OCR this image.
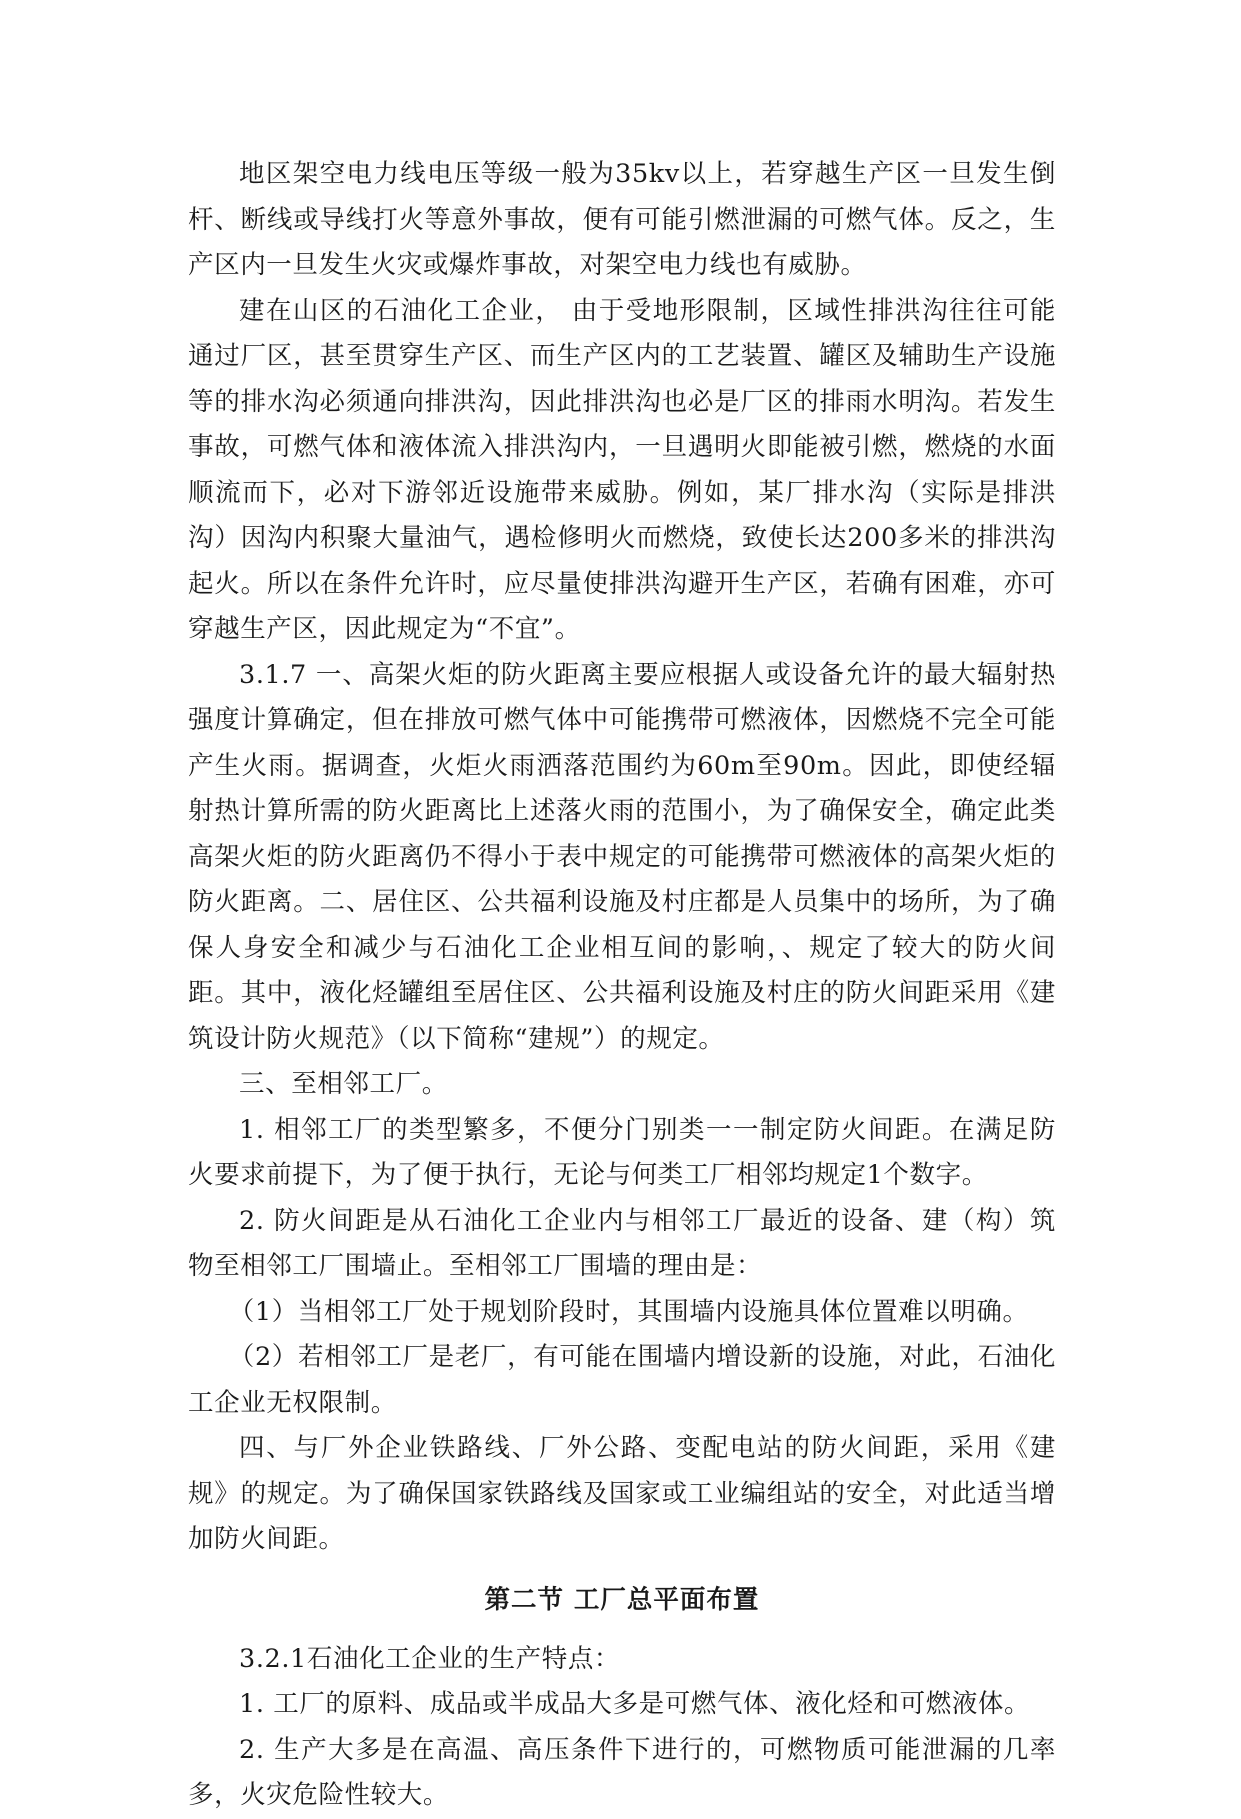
地区架空电力线电压等级一般为35kv以上，若穿越生产区一旦发生倒杆、断线或导线打火等意外事故，便有可能引燃泄漏的可燃气体。反之，生产区内一旦发生火灾或爆炸事故，对架空电力线也有威胁。

建在山区的石油化工企业， 由于受地形限制，区域性排洪沟往往可能通过厂区，甚至贯穿生产区、而生产区内的工艺装置、罐区及辅助生产设施等的排水沟必须通向排洪沟，因此排洪沟也必是厂区的排雨水明沟。若发生事故，可燃气体和液体流入排洪沟内，一旦遇明火即能被引燃，燃烧的水面顺流而下，必对下游邻近设施带来威胁。例如，某厂排水沟（实际是排洪沟）因沟内积聚大量油气，遇检修明火而燃烧，致使长达200多米的排洪沟起火。所以在条件允许时，应尽量使排洪沟避开生产区，若确有困难，亦可穿越生产区，因此规定为“不宜”。

3.1.7 一、高架火炬的防火距离主要应根据人或设备允许的最大辐射热强度计算确定，但在排放可燃气体中可能携带可燃液体，因燃烧不完全可能产生火雨。据调查，火炬火雨洒落范围约为60m至90m。因此，即使经辐射热计算所需的防火距离比上述落火雨的范围小，为了确保安全，确定此类高架火炬的防火距离仍不得小于表中规定的可能携带可燃液体的高架火炬的防火距离。二、居住区、公共福利设施及村庄都是人员集中的场所，为了确保人身安全和减少与石油化工企业相互间的影响，、规定了较大的防火间距。其中，液化烃罐组至居住区、公共福利设施及村庄的防火间距采用《建筑设计防火规范》（以下简称“建规”）的规定。

三、至相邻工厂。

1. 相邻工厂的类型繁多，不便分门别类一一制定防火间距。在满足防火要求前提下，为了便于执行，无论与何类工厂相邻均规定1个数字。

2. 防火间距是从石油化工企业内与相邻工厂最近的设备、建（构）筑物至相邻工厂围墙止。至相邻工厂围墙的理由是：

（1）当相邻工厂处于规划阶段时，其围墙内设施具体位置难以明确。

（2）若相邻工厂是老厂，有可能在围墙内增设新的设施，对此，石油化工企业无权限制。

四、与厂外企业铁路线、厂外公路、变配电站的防火间距，采用《建规》的规定。为了确保国家铁路线及国家或工业编组站的安全，对此适当增加防火间距。

第二节 工厂总平面布置

3.2.1石油化工企业的生产特点：

1. 工厂的原料、成品或半成品大多是可燃气体、液化烃和可燃液体。

2. 生产大多是在高温、高压条件下进行的，可燃物质可能泄漏的几率多，火灾危险性较大。
